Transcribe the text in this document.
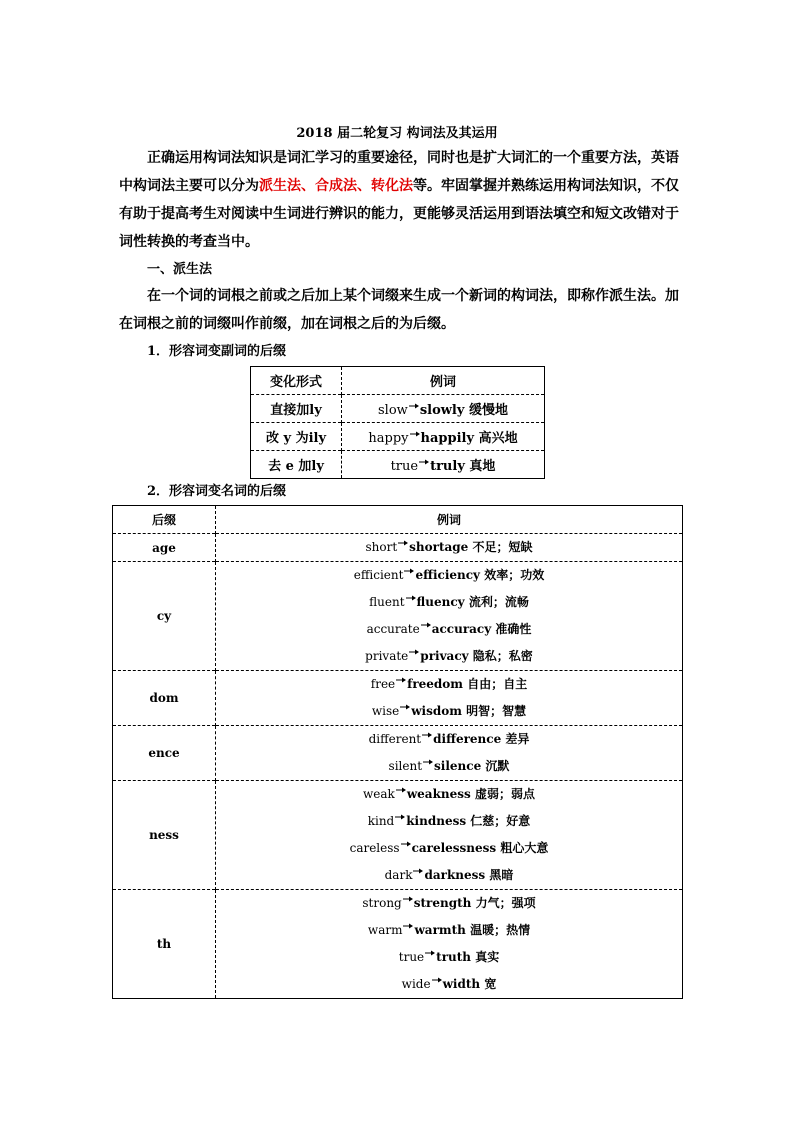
2018 届二轮复习 构词法及其运用
正确运用构词法知识是词汇学习的重要途径，同时也是扩大词汇的一个重要方法，英语中构词法主要可以分为派生法、合成法、转化法等。牢固掌握并熟练运用构词法知识，不仅有助于提高考生对阅读中生词进行辨识的能力，更能够灵活运用到语法填空和短文改错对于词性转换的考查当中。
一、派生法
在一个词的词根之前或之后加上某个词缀来生成一个新词的构词法，即称作派生法。加在词根之前的词缀叫作前缀，加在词根之后的为后缀。
1．形容词变副词的后缀
变化形式	例词
直接加ly	slow slowly 缓慢地
改 y 为ily	happy happily 高兴地
去 e 加ly	true truly 真地
2．形容词变名词的后缀
后缀	例词
age	short shortage 不足；短缺

cy	efficient efficiency 效率；功效
fluent fluency 流利；流畅
accurate accuracy 准确性
private privacy 隐私；私密

dom	free freedom 自由；自主
wise wisdom 明智；智慧

ence	different difference 差异
silent silence 沉默

ness	weak weakness 虚弱；弱点
kind kindness 仁慈；好意
careless carelessness 粗心大意
dark darkness 黑暗

th	strong strength 力气；强项
warm warmth 温暖；热情
true truth 真实
wide width 宽
